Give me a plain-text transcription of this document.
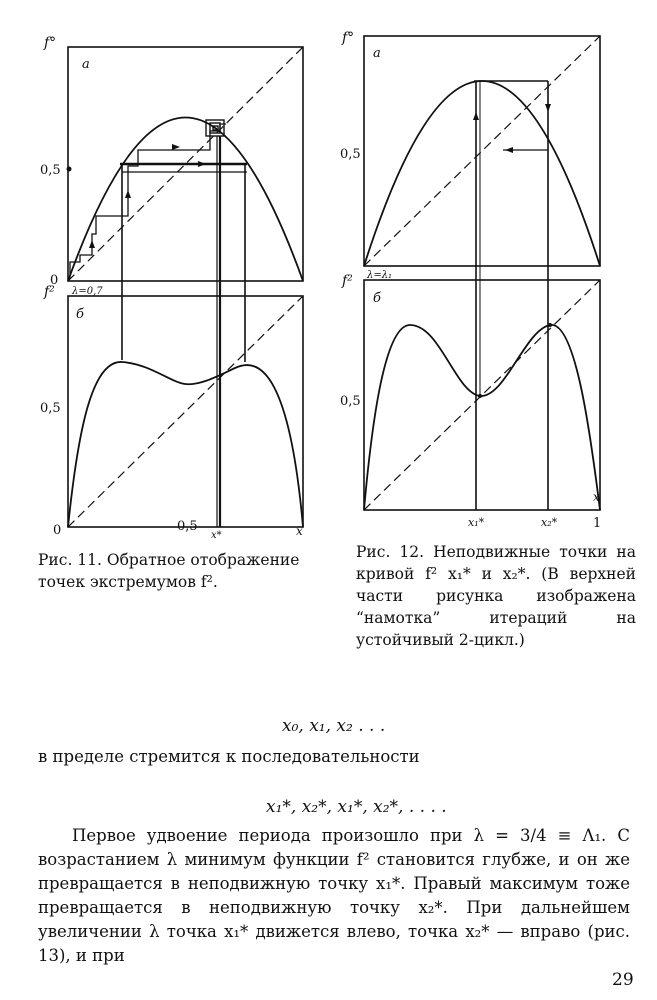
f°
а
0,5
0
λ=0,7
f²
б
0,5
0	0,5
x*	x
f°
а
0,5
λ=λ₁
f²
б
0,5
x₁*	x₂*	1
x
Рис. 11. Обратное отображение точек экстремумов f².
Рис. 12. Неподвижные точки на кривой f² x₁* и x₂*. (В верхней части рисунка изображена “намотка” итераций на устойчивый 2-цикл.)
x₀, x₁, x₂ . . .
в пределе стремится к последовательности
x₁*, x₂*, x₁*, x₂*, . . . .
Первое удвоение периода произошло при λ = 3/4 ≡ Λ₁. С возрастанием λ минимум функции f² становится глубже, и он же превращается в неподвижную точку x₁*. Правый максимум тоже превращается в неподвижную точку x₂*. При дальнейшем увеличении λ точка x₁* движется влево, точка x₂* — вправо (рис. 13), и при
29
